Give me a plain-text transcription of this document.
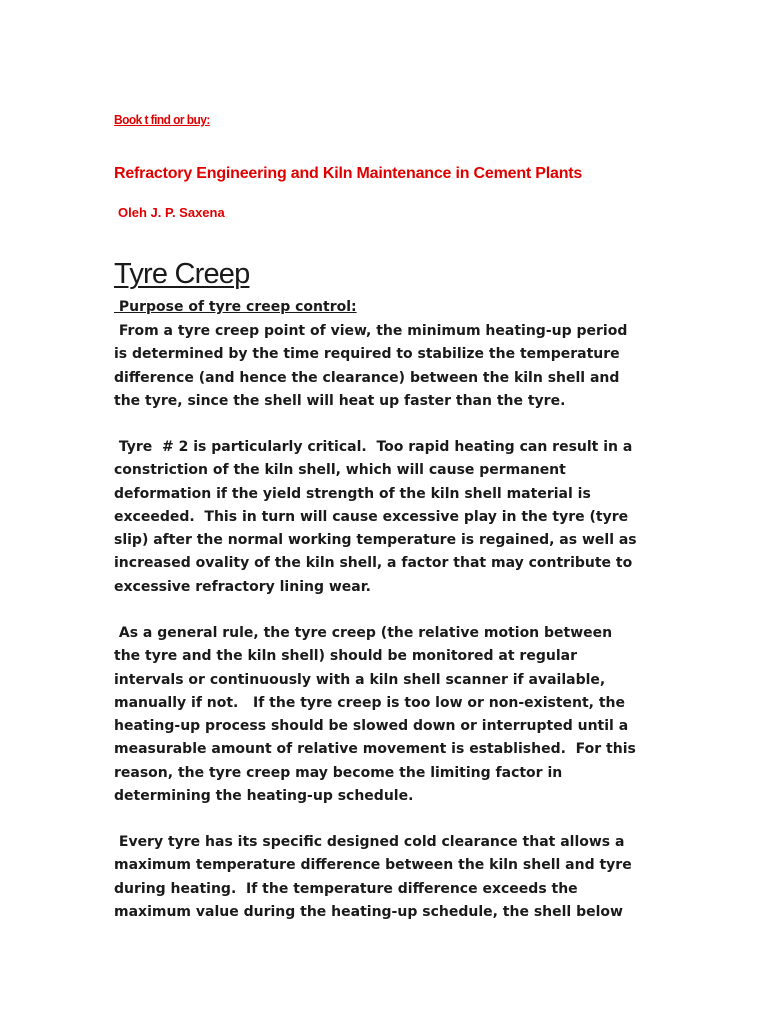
Book t find or buy:
Refractory Engineering and Kiln Maintenance in Cement Plants
Oleh J. P. Saxena
Tyre Creep
Purpose of tyre creep control:
From a tyre creep point of view, the minimum heating-up period
is determined by the time required to stabilize the temperature
difference (and hence the clearance) between the kiln shell and
the tyre, since the shell will heat up faster than the tyre.
Tyre  # 2 is particularly critical.  Too rapid heating can result in a
constriction of the kiln shell, which will cause permanent
deformation if the yield strength of the kiln shell material is
exceeded.  This in turn will cause excessive play in the tyre (tyre
slip) after the normal working temperature is regained, as well as
increased ovality of the kiln shell, a factor that may contribute to
excessive refractory lining wear.
As a general rule, the tyre creep (the relative motion between
the tyre and the kiln shell) should be monitored at regular
intervals or continuously with a kiln shell scanner if available,
manually if not.   If the tyre creep is too low or non-existent, the
heating-up process should be slowed down or interrupted until a
measurable amount of relative movement is established.  For this
reason, the tyre creep may become the limiting factor in
determining the heating-up schedule.
Every tyre has its specific designed cold clearance that allows a
maximum temperature difference between the kiln shell and tyre
during heating.  If the temperature difference exceeds the
maximum value during the heating-up schedule, the shell below
